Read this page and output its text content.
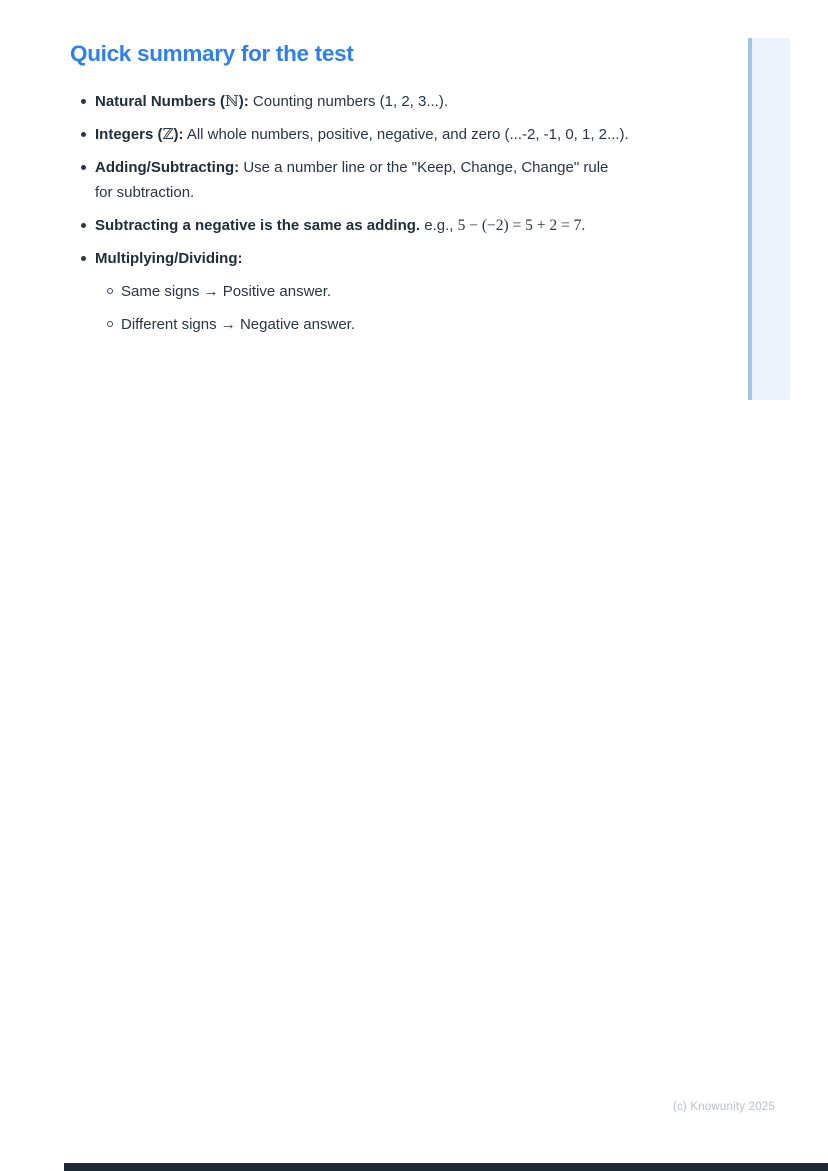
Quick summary for the test
Natural Numbers (ℕ): Counting numbers (1, 2, 3...).
Integers (ℤ): All whole numbers, positive, negative, and zero (...-2, -1, 0, 1, 2...).
Adding/Subtracting: Use a number line or the "Keep, Change, Change" rule for subtraction.
Subtracting a negative is the same as adding. e.g., 5 − (−2) = 5 + 2 = 7.
Multiplying/Dividing:
Same signs → Positive answer.
Different signs → Negative answer.
(c) Knowunity 2025
